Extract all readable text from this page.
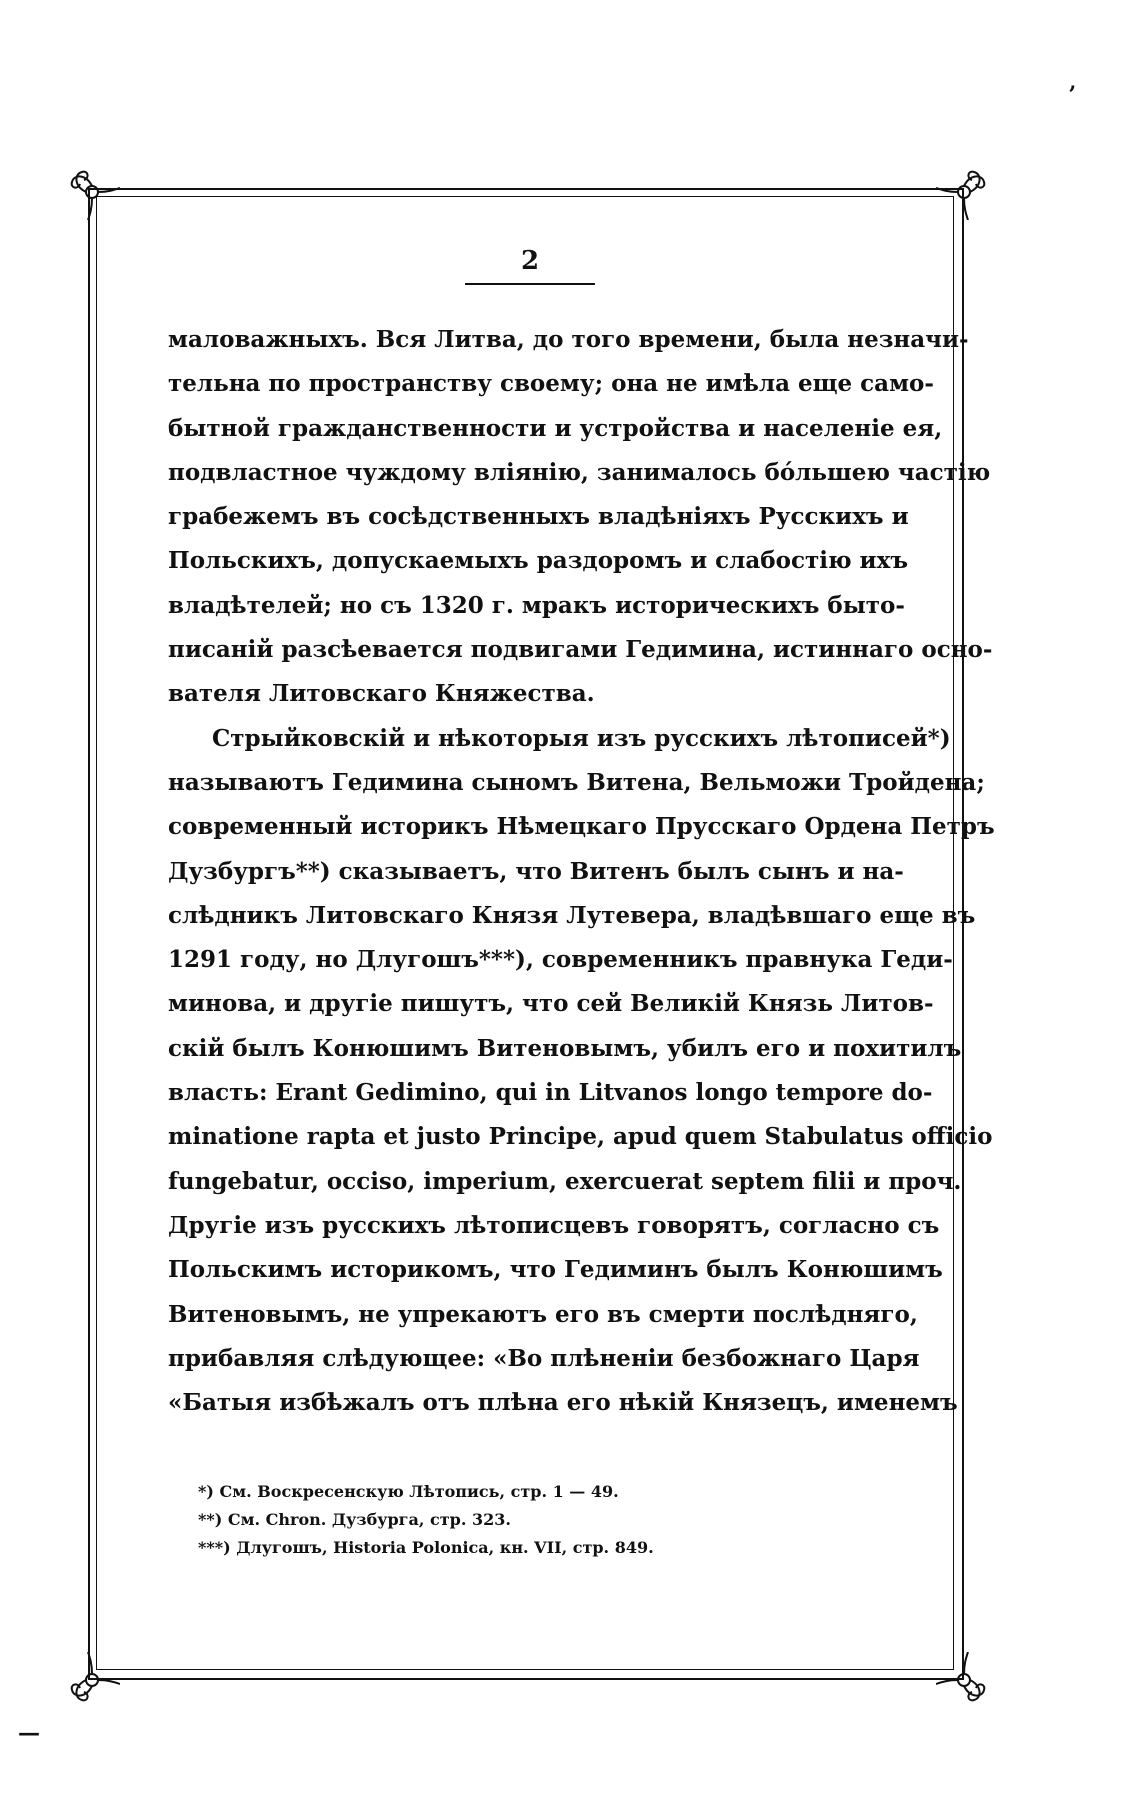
ʼ
—
2
маловажныхъ. Вся Литва, до того времени, была незначи-
тельна по пространству своему; она не имѣла еще само-
бытной гражданственности и устройства и населеніе ея,
подвластное чуждому вліянію, занималось бóльшею частію
грабежемъ въ сосѣдственныхъ владѣніяхъ Русскихъ и
Польскихъ, допускаемыхъ раздоромъ и слабостію ихъ
владѣтелей; но съ 1320 г. мракъ историческихъ быто-
писаній разсѣевается подвигами Гедимина, истиннаго осно-
вателя Литовскаго Княжества.
Стрыйковскій и нѣкоторыя изъ русскихъ лѣтописей*)
называютъ Гедимина сыномъ Витена, Вельможи Тройдена;
современный историкъ Нѣмецкаго Прусскаго Ордена Петръ
Дузбургъ**) сказываетъ, что Витенъ былъ сынъ и на-
слѣдникъ Литовскаго Князя Лутевера, владѣвшаго еще въ
1291 году, но Длугошъ***), современникъ правнука Геди-
минова, и другіе пишутъ, что сей Великій Князь Литов-
скій былъ Конюшимъ Витеновымъ, убилъ его и похитилъ
власть: Erant Gedimino, qui in Litvanos longo tempore do-
minatione rapta et justo Principe, apud quem Stabulatus officio
fungebatur, occiso, imperium, exercuerat septem filii и проч.
Другіе изъ русскихъ лѣтописцевъ говорятъ, согласно съ
Польскимъ историкомъ, что Гедиминъ былъ Конюшимъ
Витеновымъ, не упрекаютъ его въ смерти послѣдняго,
прибавляя слѣдующее: «Во плѣненіи безбожнаго Царя
«Батыя избѣжалъ отъ плѣна его нѣкій Князецъ, именемъ
*) См. Воскресенскую Лѣтопись, стр. 1 — 49.
**) См. Chron. Дузбурга, стр. 323.
***) Длугошъ, Historia Polonica, кн. VII, стр. 849.
